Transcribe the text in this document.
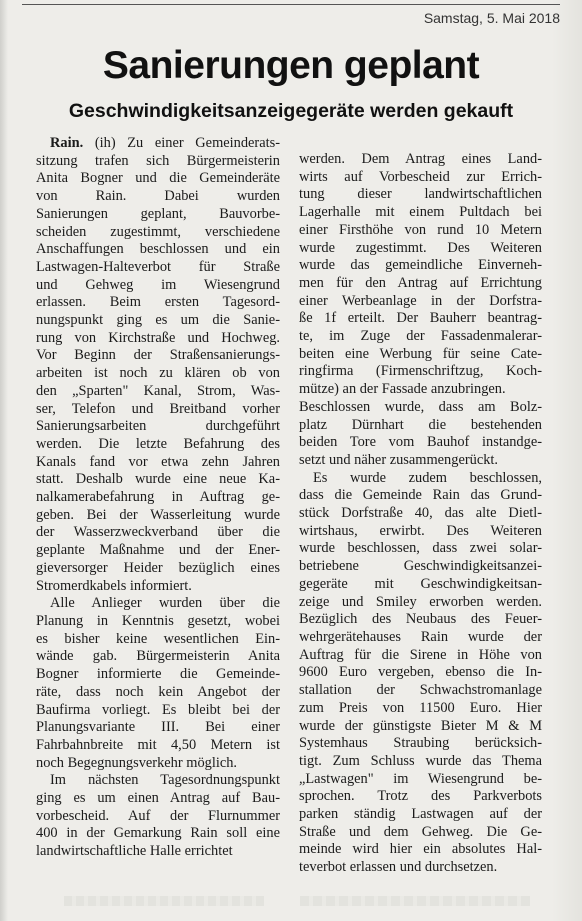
Samstag, 5. Mai 2018
Sanierungen geplant
Geschwindigkeitsanzeigegeräte werden gekauft
Rain. (ih) Zu einer Gemeinderats-
sitzung trafen sich Bürgermeisterin
Anita Bogner und die Gemeinderäte
von Rain. Dabei wurden
Sanierungen geplant, Bauvorbe-
scheiden zugestimmt, verschiedene
Anschaffungen beschlossen und ein
Lastwagen-Halteverbot für Straße
und Gehweg im Wiesengrund
erlassen. Beim ersten Tagesord-
nungspunkt ging es um die Sanie-
rung von Kirchstraße und Hochweg.
Vor Beginn der Straßensanierungs-
arbeiten ist noch zu klären ob von
den „Sparten" Kanal, Strom, Was-
ser, Telefon und Breitband vorher
Sanierungsarbeiten durchgeführt
werden. Die letzte Befahrung des
Kanals fand vor etwa zehn Jahren
statt. Deshalb wurde eine neue Ka-
nalkamerabefahrung in Auftrag ge-
geben. Bei der Wasserleitung wurde
der Wasserzweckverband über die
geplante Maßnahme und der Ener-
gieversorger Heider bezüglich eines
Stromerdkabels informiert.
Alle Anlieger wurden über die
Planung in Kenntnis gesetzt, wobei
es bisher keine wesentlichen Ein-
wände gab. Bürgermeisterin Anita
Bogner informierte die Gemeinde-
räte, dass noch kein Angebot der
Baufirma vorliegt. Es bleibt bei der
Planungsvariante III. Bei einer
Fahrbahnbreite mit 4,50 Metern ist
noch Begegnungsverkehr möglich.
Im nächsten Tagesordnungspunkt
ging es um einen Antrag auf Bau-
vorbescheid. Auf der Flurnummer
400 in der Gemarkung Rain soll eine
landwirtschaftliche Halle errichtet
werden. Dem Antrag eines Land-
wirts auf Vorbescheid zur Errich-
tung dieser landwirtschaftlichen
Lagerhalle mit einem Pultdach bei
einer Firsthöhe von rund 10 Metern
wurde zugestimmt. Des Weiteren
wurde das gemeindliche Einverneh-
men für den Antrag auf Errichtung
einer Werbeanlage in der Dorfstra-
ße 1f erteilt. Der Bauherr beantrag-
te, im Zuge der Fassadenmalerar-
beiten eine Werbung für seine Cate-
ringfirma (Firmenschriftzug, Koch-
mütze) an der Fassade anzubringen.
Beschlossen wurde, dass am Bolz-
platz Dürnhart die bestehenden
beiden Tore vom Bauhof instandge-
setzt und näher zusammengerückt.
Es wurde zudem beschlossen,
dass die Gemeinde Rain das Grund-
stück Dorfstraße 40, das alte Dietl-
wirtshaus, erwirbt. Des Weiteren
wurde beschlossen, dass zwei solar-
betriebene Geschwindigkeitsanzei-
gegeräte mit Geschwindigkeitsan-
zeige und Smiley erworben werden.
Bezüglich des Neubaus des Feuer-
wehrgerätehauses Rain wurde der
Auftrag für die Sirene in Höhe von
9600 Euro vergeben, ebenso die In-
stallation der Schwachstromanlage
zum Preis von 11500 Euro. Hier
wurde der günstigste Bieter M & M
Systemhaus Straubing berücksich-
tigt. Zum Schluss wurde das Thema
„Lastwagen" im Wiesengrund be-
sprochen. Trotz des Parkverbots
parken ständig Lastwagen auf der
Straße und dem Gehweg. Die Ge-
meinde wird hier ein absolutes Hal-
teverbot erlassen und durchsetzen.
